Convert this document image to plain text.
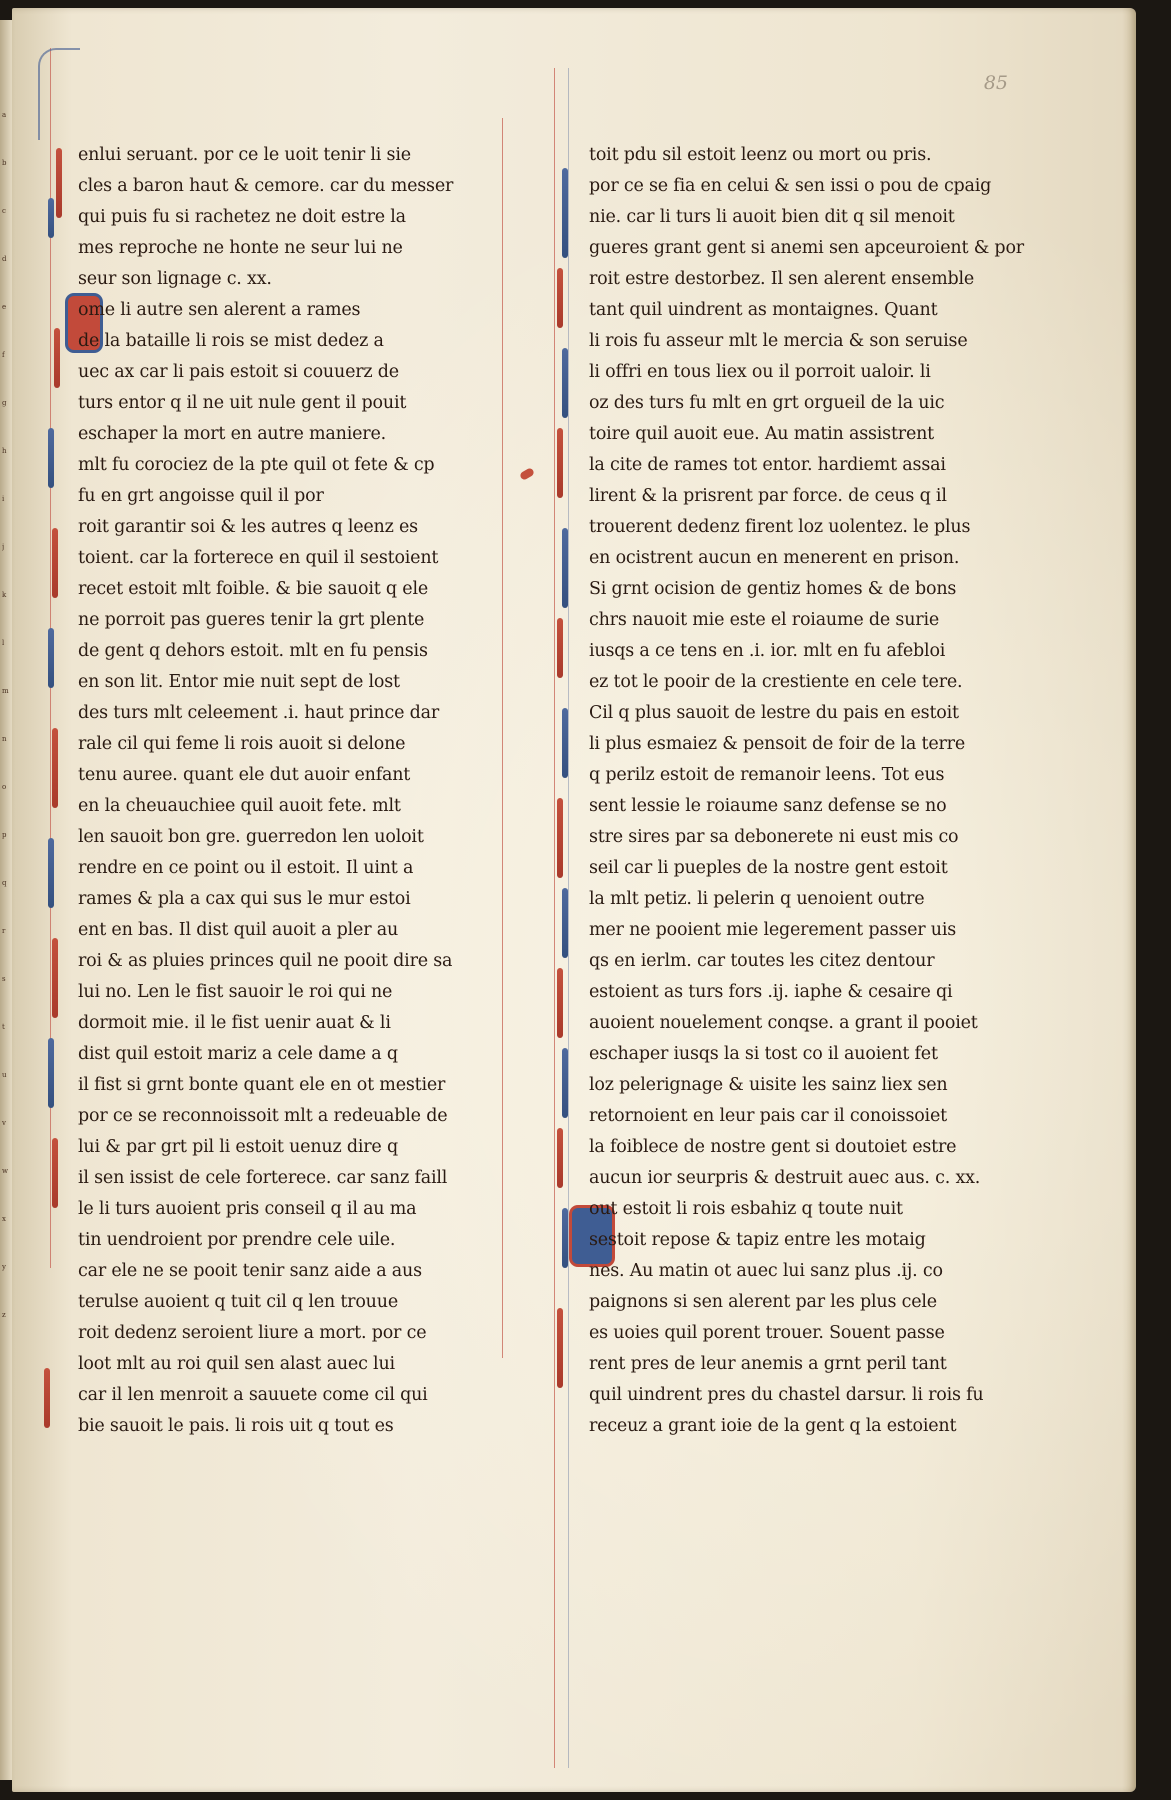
a
b
c
d
e
f
g
h
i
j
k
l
m
n
o
p
q
r
s
t
u
v
w
x
y
z
85
enlui seruant. por ce le uoit tenir li sie
cles a baron haut & cemore. car du messer
qui puis fu si rachetez ne doit estre la
mes reproche ne honte ne seur lui ne
seur son lignage c. xx.
ome li autre sen alerent a rames
de la bataille li rois se mist dedez a
uec ax car li pais estoit si couuerz de
turs entor q il ne uit nule gent il pouit
eschaper la mort en autre maniere.
mlt fu corociez de la pte quil ot fete & cp
fu en grt angoisse quil il por
roit garantir soi & les autres q leenz es
toient. car la forterece en quil il sestoient
recet estoit mlt foible. & bie sauoit q ele
ne porroit pas gueres tenir la grt plente
de gent q dehors estoit. mlt en fu pensis
en son lit. Entor mie nuit sept de lost
des turs mlt celeement .i. haut prince dar
rale cil qui feme li rois auoit si delone
tenu auree. quant ele dut auoir enfant
en la cheuauchiee quil auoit fete. mlt
len sauoit bon gre. guerredon len uoloit
rendre en ce point ou il estoit. Il uint a
rames & pla a cax qui sus le mur estoi
ent en bas. Il dist quil auoit a pler au
roi & as pluies princes quil ne pooit dire sa
lui no. Len le fist sauoir le roi qui ne
dormoit mie. il le fist uenir auat & li
dist quil estoit mariz a cele dame a q
il fist si grnt bonte quant ele en ot mestier
por ce se reconnoissoit mlt a redeuable de
lui & par grt pil li estoit uenuz dire q
il sen issist de cele forterece. car sanz faill
le li turs auoient pris conseil q il au ma
tin uendroient por prendre cele uile.
car ele ne se pooit tenir sanz aide a aus
terulse auoient q tuit cil q len trouue
roit dedenz seroient liure a mort. por ce
loot mlt au roi quil sen alast auec lui
car il len menroit a sauuete come cil qui
bie sauoit le pais. li rois uit q tout es
toit pdu sil estoit leenz ou mort ou pris.
por ce se fia en celui & sen issi o pou de cpaig
nie. car li turs li auoit bien dit q sil menoit
gueres grant gent si anemi sen apceuroient & por
roit estre destorbez. Il sen alerent ensemble
tant quil uindrent as montaignes. Quant
li rois fu asseur mlt le mercia & son seruise
li offri en tous liex ou il porroit ualoir. li
oz des turs fu mlt en grt orgueil de la uic
toire quil auoit eue. Au matin assistrent
la cite de rames tot entor. hardiemt assai
lirent & la prisrent par force. de ceus q il
trouerent dedenz firent loz uolentez. le plus
en ocistrent aucun en menerent en prison.
Si grnt ocision de gentiz homes & de bons
chrs nauoit mie este el roiaume de surie
iusqs a ce tens en .i. ior. mlt en fu afebloi
ez tot le pooir de la crestiente en cele tere.
Cil q plus sauoit de lestre du pais en estoit
li plus esmaiez & pensoit de foir de la terre
q perilz estoit de remanoir leens. Tot eus
sent lessie le roiaume sanz defense se no
stre sires par sa debonerete ni eust mis co
seil car li pueples de la nostre gent estoit
la mlt petiz. li pelerin q uenoient outre
mer ne pooient mie legerement passer uis
qs en ierlm. car toutes les citez dentour
estoient as turs fors .ij. iaphe & cesaire qi
auoient nouelement conqse. a grant il pooiet
eschaper iusqs la si tost co il auoient fet
loz pelerignage & uisite les sainz liex sen
retornoient en leur pais car il conoissoiet
la foiblece de nostre gent si doutoiet estre
aucun ior seurpris & destruit auec aus. c. xx.
out estoit li rois esbahiz q toute nuit
sestoit repose & tapiz entre les motaig
nes. Au matin ot auec lui sanz plus .ij. co
paignons si sen alerent par les plus cele
es uoies quil porent trouer. Souent passe
rent pres de leur anemis a grnt peril tant
quil uindrent pres du chastel darsur. li rois fu
receuz a grant ioie de la gent q la estoient
